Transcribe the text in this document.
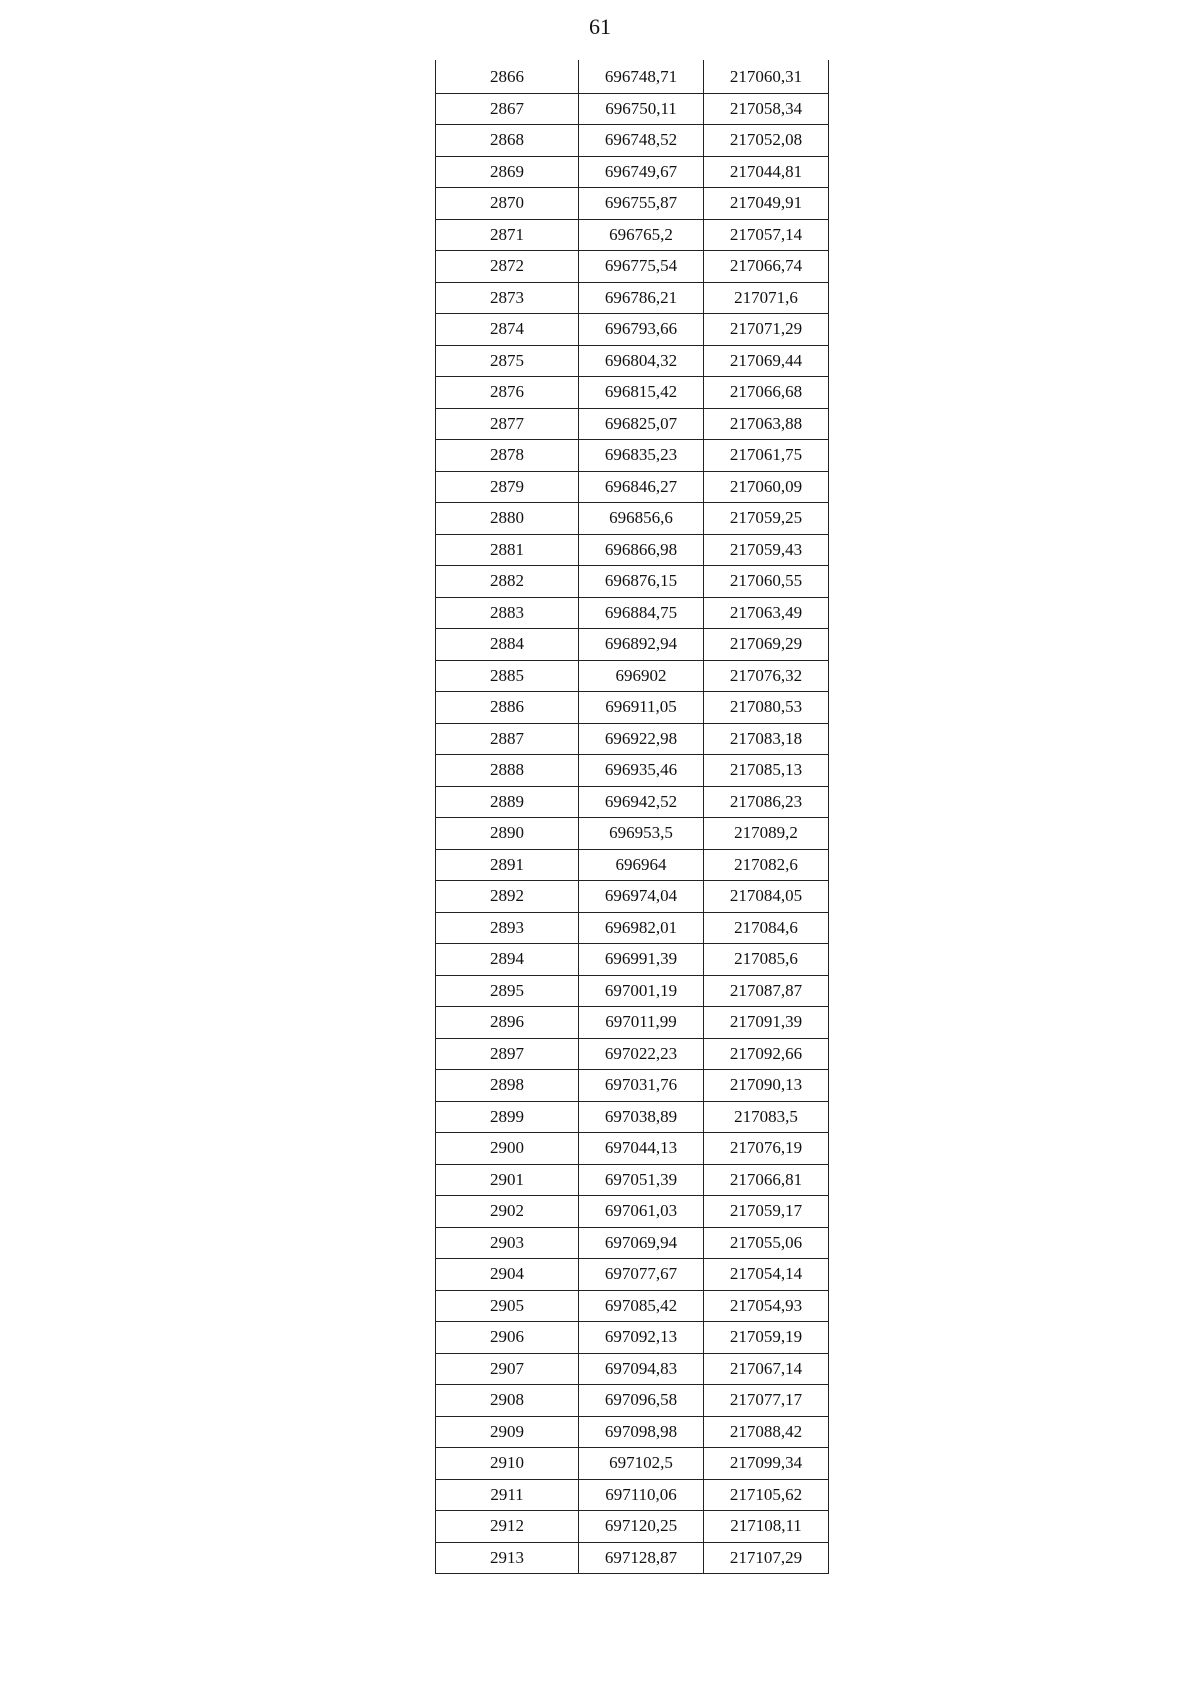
61
2866	696748,71	217060,31
2867	696750,11	217058,34
2868	696748,52	217052,08
2869	696749,67	217044,81
2870	696755,87	217049,91
2871	696765,2	217057,14
2872	696775,54	217066,74
2873	696786,21	217071,6
2874	696793,66	217071,29
2875	696804,32	217069,44
2876	696815,42	217066,68
2877	696825,07	217063,88
2878	696835,23	217061,75
2879	696846,27	217060,09
2880	696856,6	217059,25
2881	696866,98	217059,43
2882	696876,15	217060,55
2883	696884,75	217063,49
2884	696892,94	217069,29
2885	696902	217076,32
2886	696911,05	217080,53
2887	696922,98	217083,18
2888	696935,46	217085,13
2889	696942,52	217086,23
2890	696953,5	217089,2
2891	696964	217082,6
2892	696974,04	217084,05
2893	696982,01	217084,6
2894	696991,39	217085,6
2895	697001,19	217087,87
2896	697011,99	217091,39
2897	697022,23	217092,66
2898	697031,76	217090,13
2899	697038,89	217083,5
2900	697044,13	217076,19
2901	697051,39	217066,81
2902	697061,03	217059,17
2903	697069,94	217055,06
2904	697077,67	217054,14
2905	697085,42	217054,93
2906	697092,13	217059,19
2907	697094,83	217067,14
2908	697096,58	217077,17
2909	697098,98	217088,42
2910	697102,5	217099,34
2911	697110,06	217105,62
2912	697120,25	217108,11
2913	697128,87	217107,29
